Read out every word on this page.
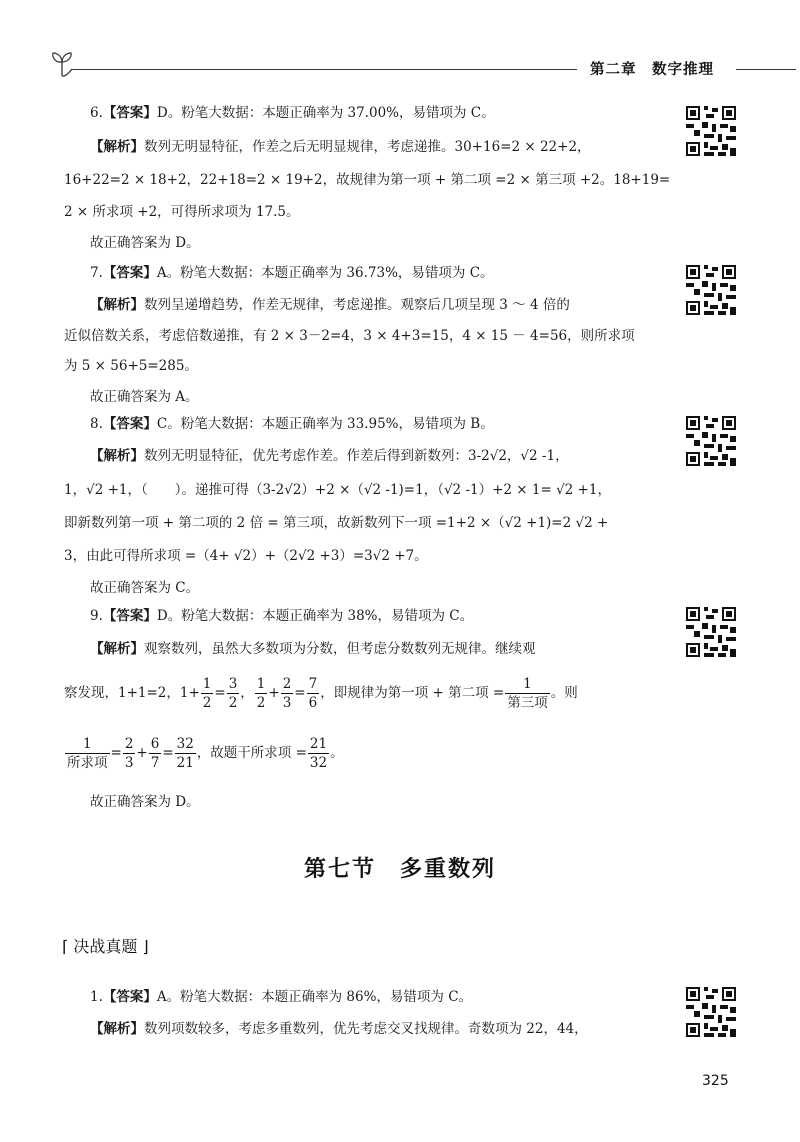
第二章　数字推理
6.【答案】D。粉笔大数据：本题正确率为 37.00%，易错项为 C。
【解析】数列无明显特征，作差之后无明显规律，考虑递推。30+16=2 × 22+2，
16+22=2 × 18+2，22+18=2 × 19+2，故规律为第一项 + 第二项 =2 × 第三项 +2。18+19=
2 × 所求项 +2，可得所求项为 17.5。
故正确答案为 D。
7.【答案】A。粉笔大数据：本题正确率为 36.73%，易错项为 C。
【解析】数列呈递增趋势，作差无规律，考虑递推。观察后几项呈现 3 ～ 4 倍的
近似倍数关系，考虑倍数递推，有 2 × 3－2=4，3 × 4+3=15，4 × 15 － 4=56，则所求项
为 5 × 56+5=285。
故正确答案为 A。
8.【答案】C。粉笔大数据：本题正确率为 33.95%，易错项为 B。
【解析】数列无明显特征，优先考虑作差。作差后得到新数列：3-2√2，√2 -1，
1，√2 +1，（　　）。递推可得（3-2√2）+2 ×（√2 -1)=1，（√2 -1）+2 × 1= √2 +1，
即新数列第一项 + 第二项的 2 倍 = 第三项，故新数列下一项 =1+2 ×（√2 +1)=2 √2 +
3，由此可得所求项 =（4+ √2）+（2√2 +3）=3√2 +7。
故正确答案为 C。
9.【答案】D。粉笔大数据：本题正确率为 38%，易错项为 C。
【解析】观察数列，虽然大多数项为分数，但考虑分数数列无规律。继续观
察发现，1+1=2，$1+ \frac{1}{2} = \frac{3}{2}$ ， $\frac{1}{2} + \frac{2}{3} = \frac{7}{6}$ ，即规律为第一项 + 第二项 = $\frac{1}{\text{第三项}}$ 。则
$\frac{1}{\text{所求项}} = \frac{2}{3} + \frac{6}{7} = \frac{32}{21}$ ，故题干所求项 = $\frac{21}{32}$ 。
故正确答案为 D。
第七节　多重数列
⌈ 决战真题 ⌋
1.【答案】A。粉笔大数据：本题正确率为 86%，易错项为 C。
【解析】数列项数较多，考虑多重数列，优先考虑交叉找规律。奇数项为 22，44，
325
